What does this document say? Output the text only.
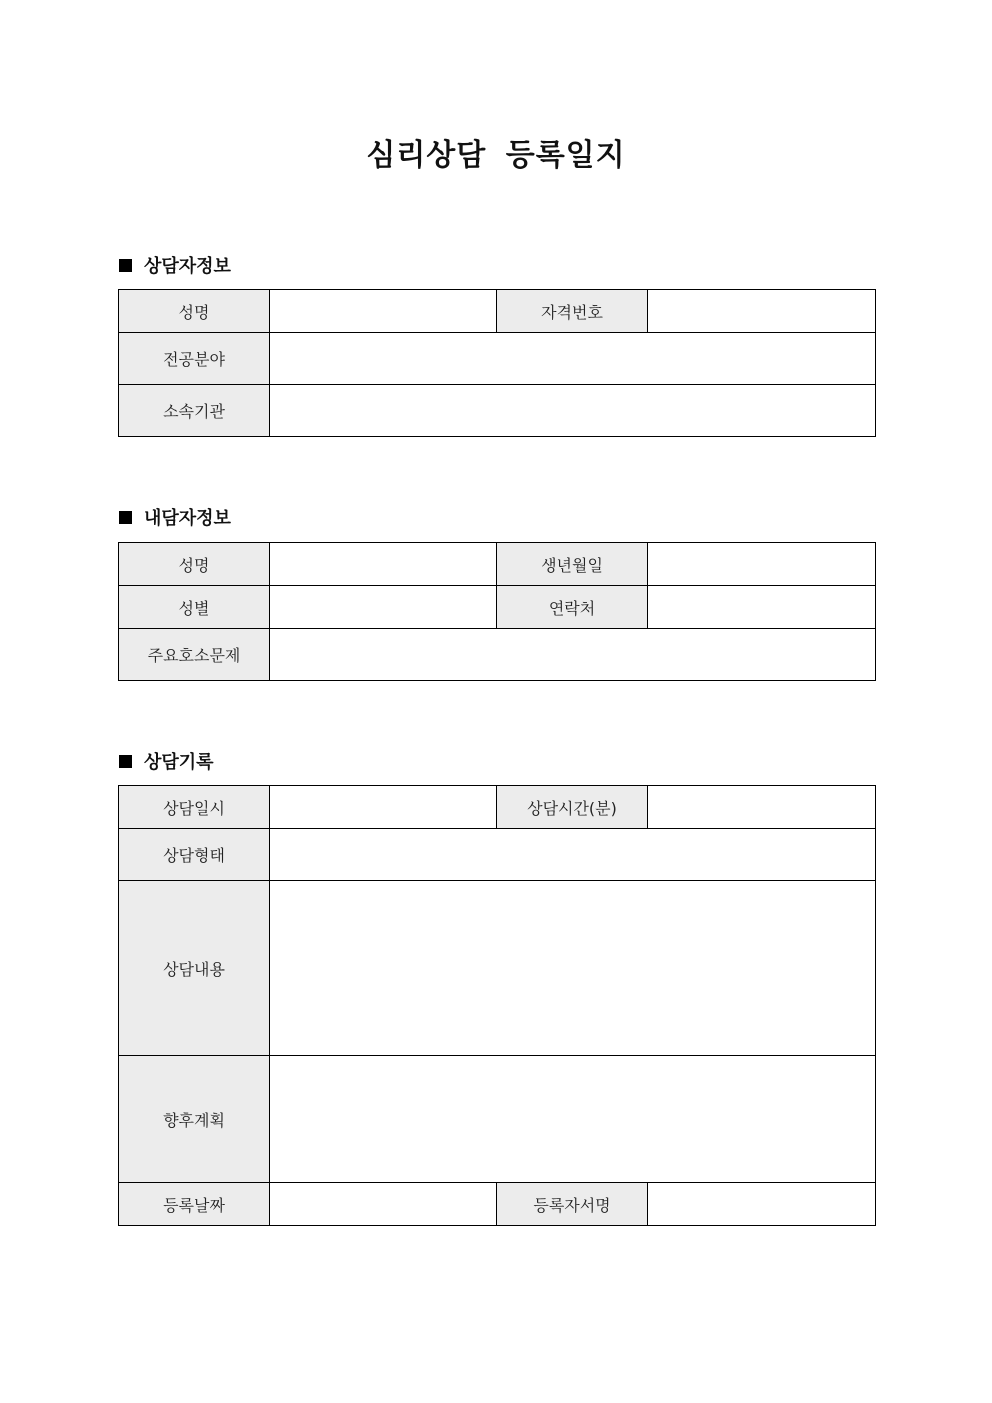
심리상담 등록일지
상담자정보
성명		자격번호	
전공분야			
소속기관			
내담자정보
성명		생년월일	
성별		연락처	
주요호소문제			
상담기록
상담일시		상담시간(분)	
상담형태			
상담내용			
향후계획			
등록날짜		등록자서명	
